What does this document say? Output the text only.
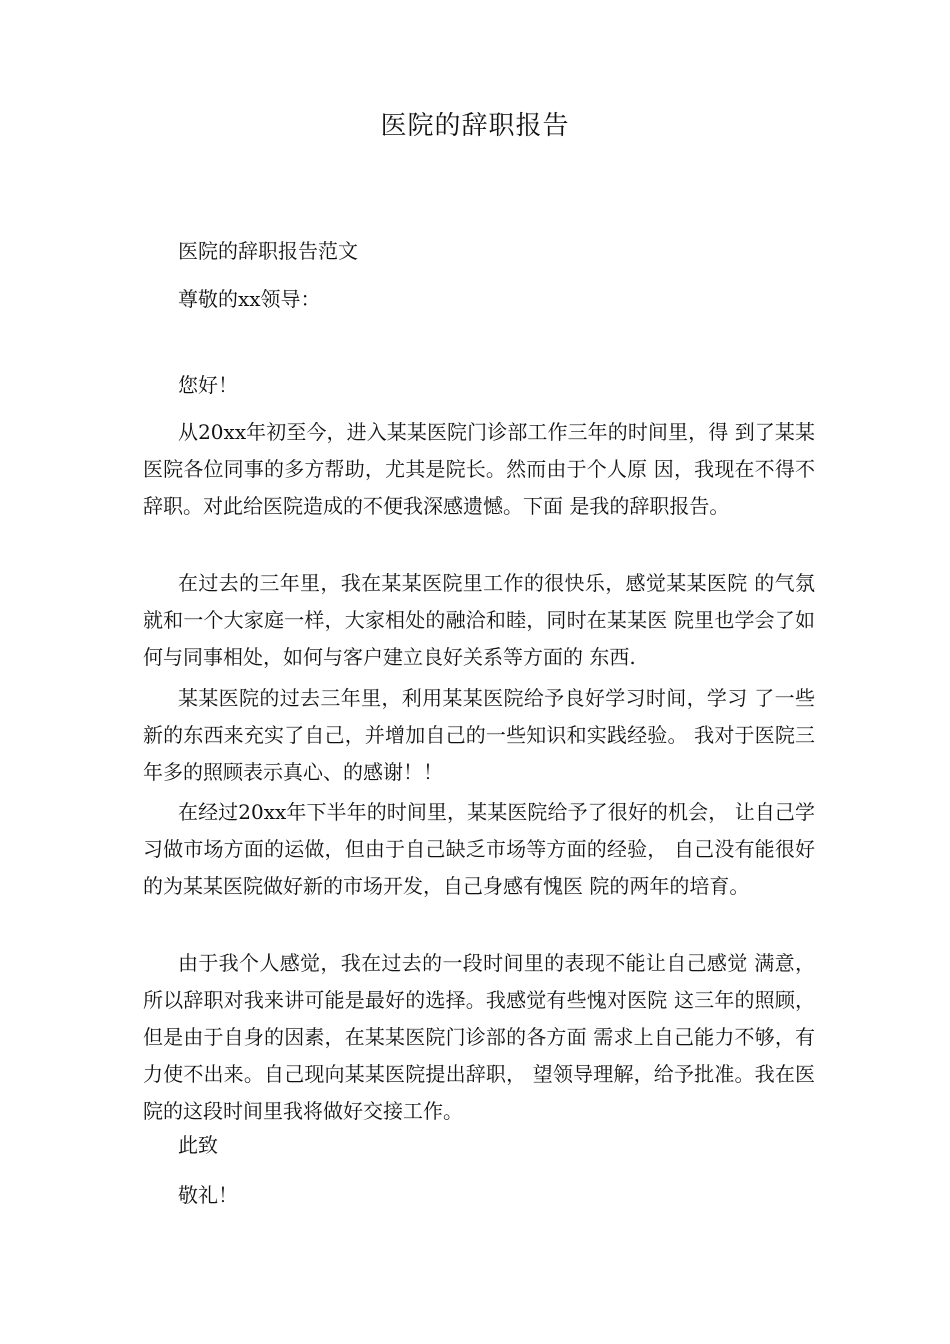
医院的辞职报告
医院的辞职报告范文
尊敬的xx领导：
您好！

从20xx年初至今，进入某某医院门诊部工作三年的时间里，得 到了某某医院各位同事的多方帮助，尤其是院长。然而由于个人原 因，我现在不得不辞职。对此给医院造成的不便我深感遗憾。下面 是我的辞职报告。

在过去的三年里，我在某某医院里工作的很快乐，感觉某某医院 的气氛就和一个大家庭一样，大家相处的融洽和睦，同时在某某医 院里也学会了如何与同事相处，如何与客户建立良好关系等方面的 东西.

某某医院的过去三年里，利用某某医院给予良好学习时间，学习 了一些新的东西来充实了自己，并增加自己的一些知识和实践经验。 我对于医院三年多的照顾表示真心、的感谢！！

在经过20xx年下半年的时间里，某某医院给予了很好的机会， 让自己学习做市场方面的运做，但由于自己缺乏市场等方面的经验， 自己没有能很好的为某某医院做好新的市场开发，自己身感有愧医 院的两年的培育。

由于我个人感觉，我在过去的一段时间里的表现不能让自己感觉 满意，所以辞职对我来讲可能是最好的选择。我感觉有些愧对医院 这三年的照顾，但是由于自身的因素，在某某医院门诊部的各方面 需求上自己能力不够，有力使不出来。自己现向某某医院提出辞职， 望领导理解，给予批准。我在医院的这段时间里我将做好交接工作。

此致
敬礼！
